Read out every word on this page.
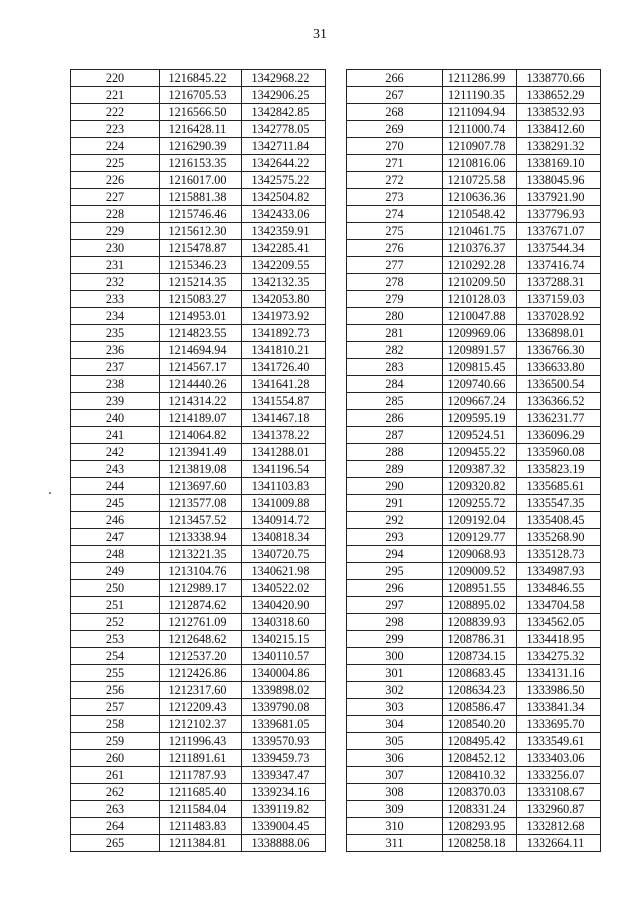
31
220	1216845.22	1342968.22
221	1216705.53	1342906.25
222	1216566.50	1342842.85
223	1216428.11	1342778.05
224	1216290.39	1342711.84
225	1216153.35	1342644.22
226	1216017.00	1342575.22
227	1215881.38	1342504.82
228	1215746.46	1342433.06
229	1215612.30	1342359.91
230	1215478.87	1342285.41
231	1215346.23	1342209.55
232	1215214.35	1342132.35
233	1215083.27	1342053.80
234	1214953.01	1341973.92
235	1214823.55	1341892.73
236	1214694.94	1341810.21
237	1214567.17	1341726.40
238	1214440.26	1341641.28
239	1214314.22	1341554.87
240	1214189.07	1341467.18
241	1214064.82	1341378.22
242	1213941.49	1341288.01
243	1213819.08	1341196.54
244	1213697.60	1341103.83
245	1213577.08	1341009.88
246	1213457.52	1340914.72
247	1213338.94	1340818.34
248	1213221.35	1340720.75
249	1213104.76	1340621.98
250	1212989.17	1340522.02
251	1212874.62	1340420.90
252	1212761.09	1340318.60
253	1212648.62	1340215.15
254	1212537.20	1340110.57
255	1212426.86	1340004.86
256	1212317.60	1339898.02
257	1212209.43	1339790.08
258	1212102.37	1339681.05
259	1211996.43	1339570.93
260	1211891.61	1339459.73
261	1211787.93	1339347.47
262	1211685.40	1339234.16
263	1211584.04	1339119.82
264	1211483.83	1339004.45
265	1211384.81	1338888.06
266	1211286.99	1338770.66
267	1211190.35	1338652.29
268	1211094.94	1338532.93
269	1211000.74	1338412.60
270	1210907.78	1338291.32
271	1210816.06	1338169.10
272	1210725.58	1338045.96
273	1210636.36	1337921.90
274	1210548.42	1337796.93
275	1210461.75	1337671.07
276	1210376.37	1337544.34
277	1210292.28	1337416.74
278	1210209.50	1337288.31
279	1210128.03	1337159.03
280	1210047.88	1337028.92
281	1209969.06	1336898.01
282	1209891.57	1336766.30
283	1209815.45	1336633.80
284	1209740.66	1336500.54
285	1209667.24	1336366.52
286	1209595.19	1336231.77
287	1209524.51	1336096.29
288	1209455.22	1335960.08
289	1209387.32	1335823.19
290	1209320.82	1335685.61
291	1209255.72	1335547.35
292	1209192.04	1335408.45
293	1209129.77	1335268.90
294	1209068.93	1335128.73
295	1209009.52	1334987.93
296	1208951.55	1334846.55
297	1208895.02	1334704.58
298	1208839.93	1334562.05
299	1208786.31	1334418.95
300	1208734.15	1334275.32
301	1208683.45	1334131.16
302	1208634.23	1333986.50
303	1208586.47	1333841.34
304	1208540.20	1333695.70
305	1208495.42	1333549.61
306	1208452.12	1333403.06
307	1208410.32	1333256.07
308	1208370.03	1333108.67
309	1208331.24	1332960.87
310	1208293.95	1332812.68
311	1208258.18	1332664.11
